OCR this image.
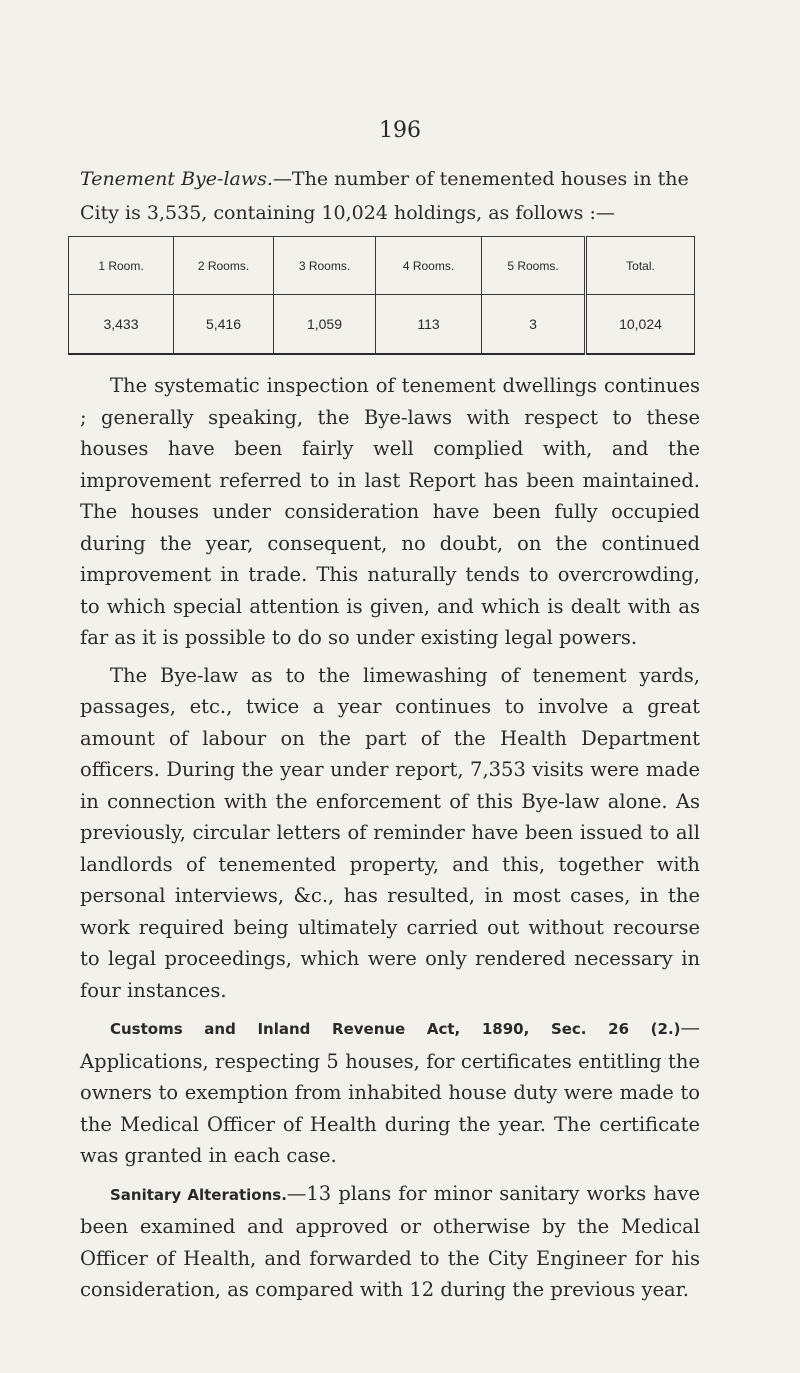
196
Tenement Bye-laws.—The number of tenemented houses in the City is 3,535, containing 10,024 holdings, as follows :—
1 Room.	2 Rooms.	3 Rooms.	4 Rooms.	5 Rooms.	Total.
3,433	5,416	1,059	113	3	10,024

The systematic inspection of tenement dwellings continues ; generally speaking, the Bye-laws with respect to these houses have been fairly well complied with, and the improvement referred to in last Report has been maintained. The houses under consideration have been fully occupied during the year, consequent, no doubt, on the continued improvement in trade. This naturally tends to overcrowding, to which special attention is given, and which is dealt with as far as it is possible to do so under existing legal powers.

The Bye-law as to the limewashing of tenement yards, passages, etc., twice a year continues to involve a great amount of labour on the part of the Health Department officers. During the year under report, 7,353 visits were made in connection with the enforcement of this Bye-law alone. As previously, circular letters of reminder have been issued to all landlords of tenemented property, and this, together with personal interviews, &c., has resulted, in most cases, in the work required being ultimately carried out without recourse to legal proceedings, which were only rendered necessary in four instances.

Customs and Inland Revenue Act, 1890, Sec. 26 (2.)— Applications, respecting 5 houses, for certificates entitling the owners to exemption from inhabited house duty were made to the Medical Officer of Health during the year. The certificate was granted in each case.

Sanitary Alterations.—13 plans for minor sanitary works have been examined and approved or otherwise by the Medical Officer of Health, and forwarded to the City Engineer for his consideration, as compared with 12 during the previous year.
